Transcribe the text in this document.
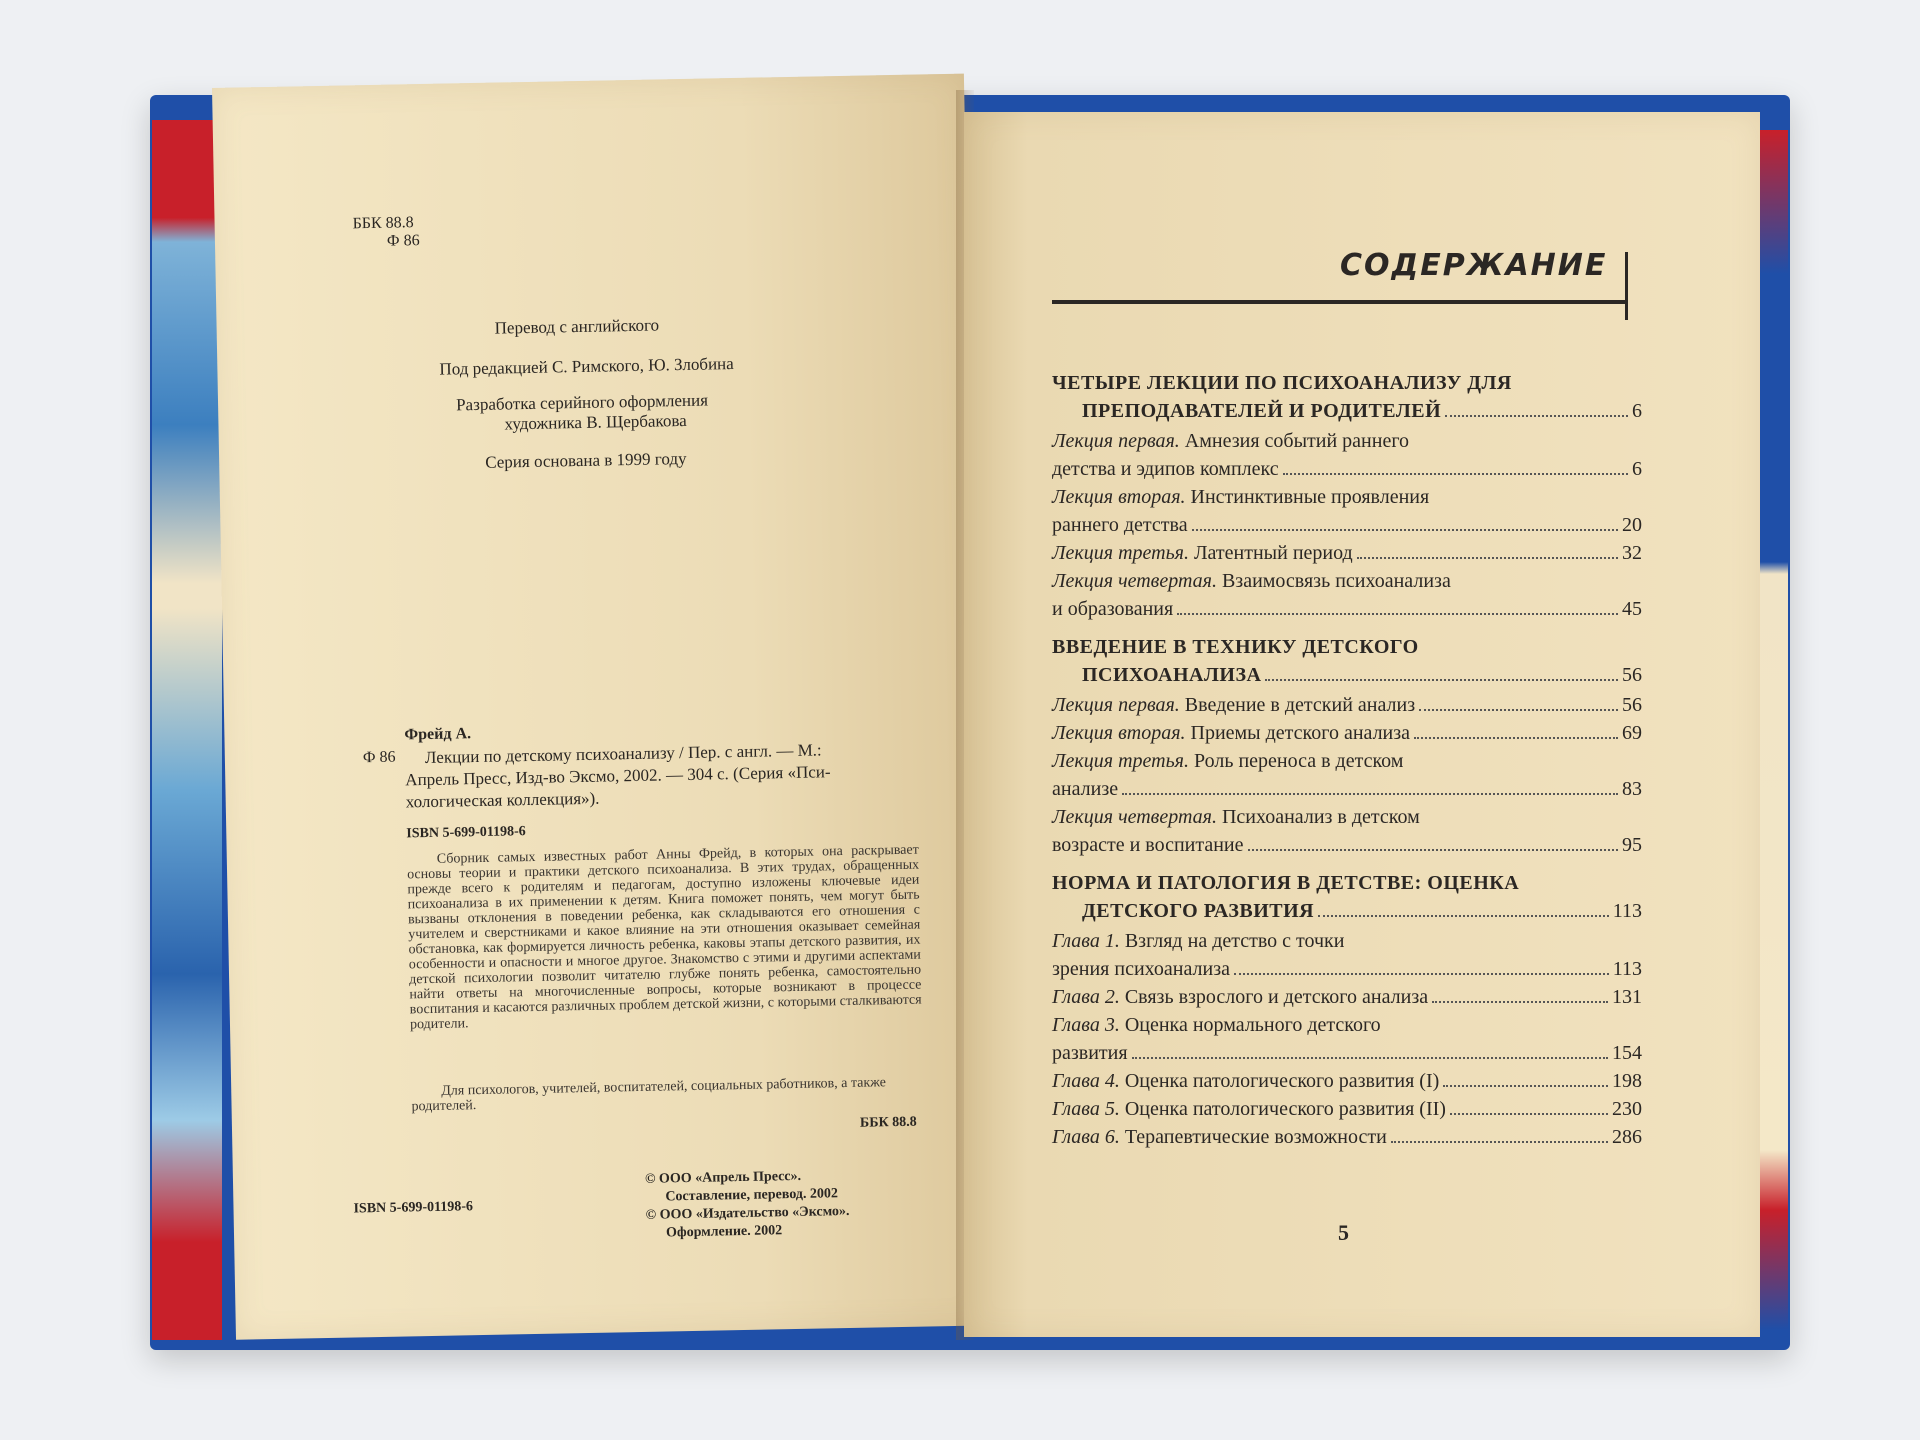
ББК 88.8
Ф 86
Перевод с английского
Под редакцией С. Римского, Ю. Злобина
Разработка серийного оформления
художника В. Щербакова
Серия основана в 1999 году
Фрейд А.
Ф 86 Лекции по детскому психоанализу / Пер. с англ. — М.:
Апрель Пресс, Изд-во Эксмо, 2002. — 304 с. (Серия «Пси-
хологическая коллекция»).
ISBN 5-699-01198-6
Сборник самых известных работ Анны Фрейд, в которых она раскрывает основы теории и практики детского психоанализа. В этих трудах, обращенных прежде всего к родителям и педагогам, доступно изложены ключевые идеи психоанализа в их применении к детям. Книга поможет понять, чем могут быть вызваны отклонения в поведении ребенка, как складываются его отношения с учителем и сверстниками и какое влияние на эти отношения оказывает семейная обстановка, как формируется личность ребенка, каковы этапы детского развития, их особенности и опасности и многое другое. Знакомство с этими и другими аспектами детской психологии позволит читателю глубже понять ребенка, самостоятельно найти ответы на многочисленные вопросы, которые возникают в процессе воспитания и касаются различных проблем детской жизни, с которыми сталкиваются родители.
Для психологов, учителей, воспитателей, социальных работников, а также родителей.
ББК 88.8
© ООО «Апрель Пресс».
Составление, перевод. 2002
© ООО «Издательство «Эксмо».
Оформление. 2002
ISBN 5-699-01198-6
СОДЕРЖАНИЕ
ЧЕТЫРЕ ЛЕКЦИИ ПО ПСИХОАНАЛИЗУ ДЛЯ
ПРЕПОДАВАТЕЛЕЙ И РОДИТЕЛЕЙ	6
Лекция первая. Амнезия событий раннего
детства и эдипов комплекс	6
Лекция вторая. Инстинктивные проявления
раннего детства	20
Лекция третья. Латентный период	32
Лекция четвертая. Взаимосвязь психоанализа
и образования	45
ВВЕДЕНИЕ В ТЕХНИКУ ДЕТСКОГО
ПСИХОАНАЛИЗА	56
Лекция первая. Введение в детский анализ	56
Лекция вторая. Приемы детского анализа	69
Лекция третья. Роль переноса в детском
анализе	83
Лекция четвертая. Психоанализ в детском
возрасте и воспитание	95
НОРМА И ПАТОЛОГИЯ В ДЕТСТВЕ: ОЦЕНКА
ДЕТСКОГО РАЗВИТИЯ	113
Глава 1. Взгляд на детство с точки
зрения психоанализа	113
Глава 2. Связь взрослого и детского анализа	131
Глава 3. Оценка нормального детского
развития	154
Глава 4. Оценка патологического развития (I)	198
Глава 5. Оценка патологического развития (II)	230
Глава 6. Терапевтические возможности	286
5
